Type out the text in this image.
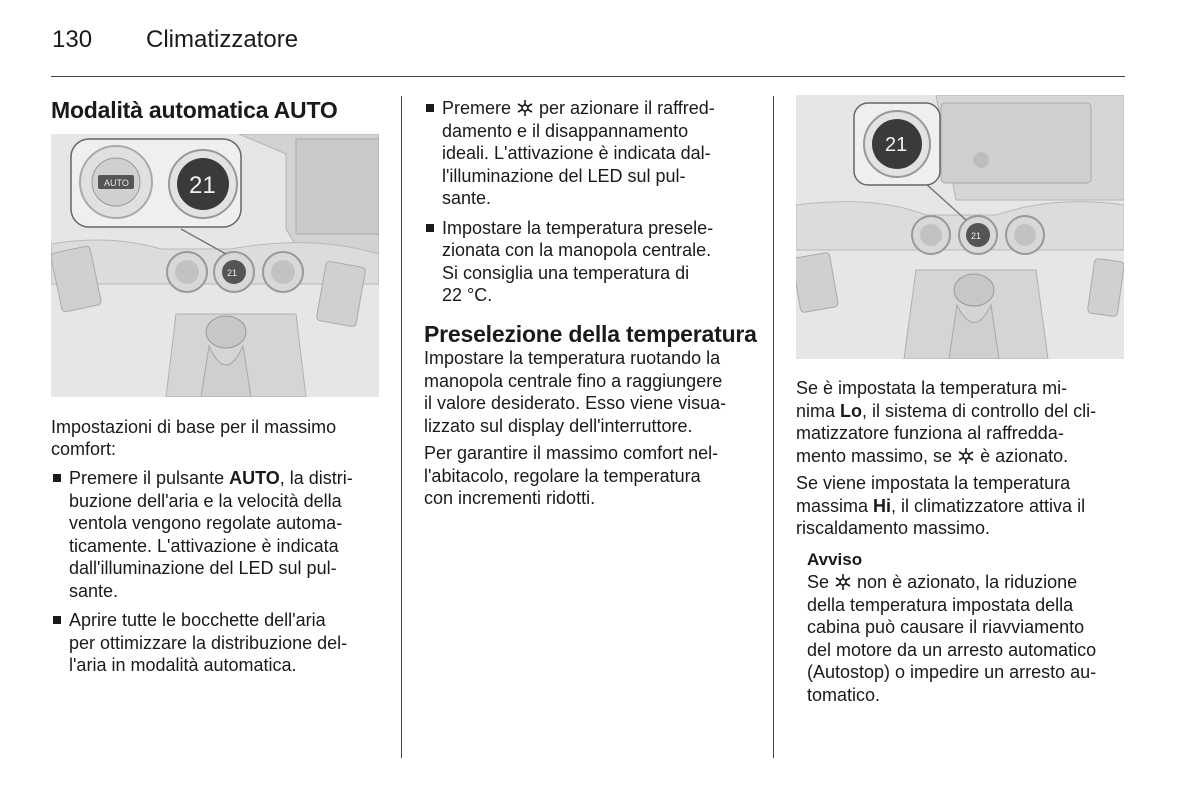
130 Climatizzatore
Modalità automatica AUTO
21
AUTO	21

Impostazioni di base per il massimo

comfort:

Premere il pulsante AUTO, la distri-
buzione dell'aria e la velocità della
ventola vengono regolate automa-
ticamente. L'attivazione è indicata
dall'illuminazione del LED sul pul-
sante.
Aprire tutte le bocchette dell'aria
per ottimizzare la distribuzione del-
l'aria in modalità automatica.
Premere  per azionare il raffred-
damento e il disappannamento
ideali. L'attivazione è indicata dal-
l'illuminazione del LED sul pul-
sante.
Impostare la temperatura presele-
zionata con la manopola centrale.
Si consiglia una temperatura di
22 °C.
Preselezione della temperatura
Impostare la temperatura ruotando la
manopola centrale fino a raggiungere
il valore desiderato. Esso viene visua-
lizzato sul display dell'interruttore.
Per garantire il massimo comfort nel-
l'abitacolo, regolare la temperatura
con incrementi ridotti.
21
21
Se è impostata la temperatura mi-
nima Lo, il sistema di controllo del cli-
matizzatore funziona al raffredda-
mento massimo, se  è azionato.
Se viene impostata la temperatura
massima Hi, il climatizzatore attiva il
riscaldamento massimo.
Avviso
Se  non è azionato, la riduzione
della temperatura impostata della
cabina può causare il riavviamento
del motore da un arresto automatico
(Autostop) o impedire un arresto au-
tomatico.
